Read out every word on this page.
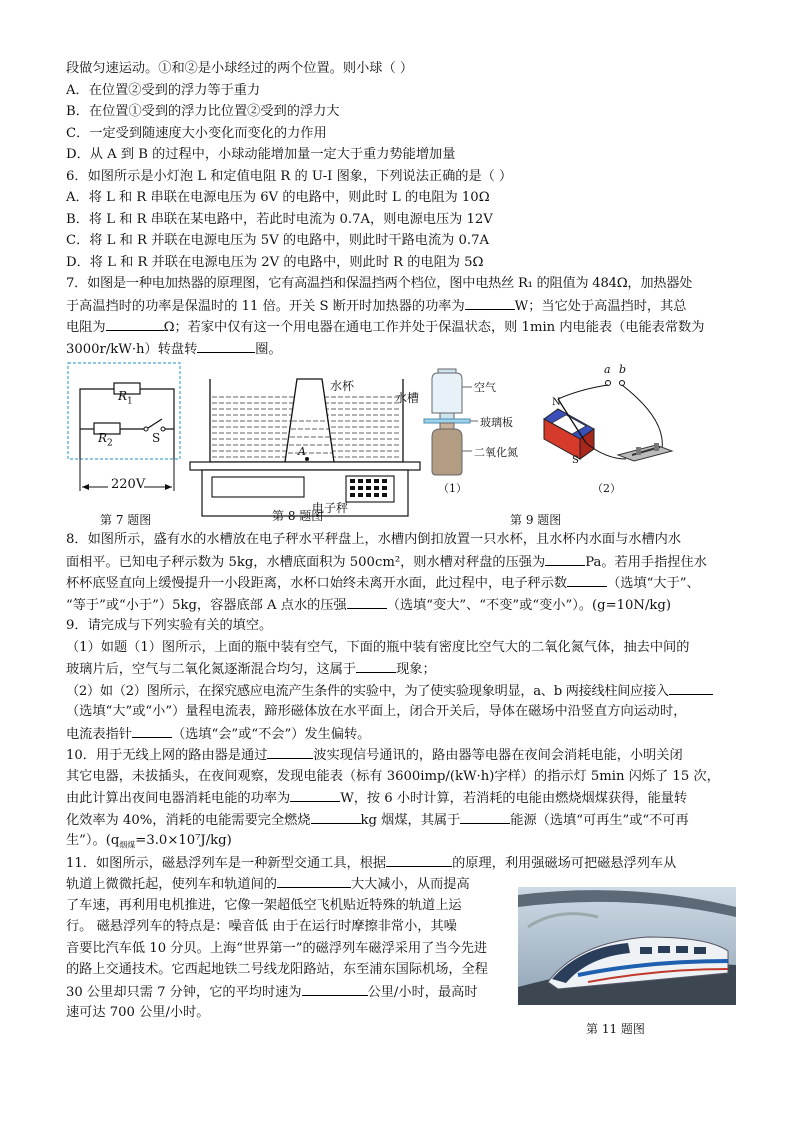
段做匀速运动。①和②是小球经过的两个位置。则小球（ ）
A．在位置②受到的浮力等于重力
B．在位置①受到的浮力比位置②受到的浮力大
C．一定受到随速度大小变化而变化的力作用
D．从 A 到 B 的过程中，小球动能增加量一定大于重力势能增加量
6．如图所示是小灯泡 L 和定值电阻 R 的 U-I 图象，下列说法正确的是（ ）
A．将 L 和 R 串联在电源电压为 6V 的电路中，则此时 L 的电阻为 10Ω
B．将 L 和 R 串联在某电路中，若此时电流为 0.7A，则电源电压为 12V
C．将 L 和 R 并联在电源电压为 5V 的电路中，则此时干路电流为 0.7A
D．将 L 和 R 并联在电源电压为 2V 的电路中，则此时 R 的电阻为 5Ω
7．如图是一种电加热器的原理图，它有高温挡和保温挡两个档位，图中电热丝 R₁ 的阻值为 484Ω，加热器处
于高温挡时的功率是保温时的 11 倍。开关 S 断开时加热器的功率为	W；当它处于高温挡时，其总
电阻为	Ω；若家中仅有这一个用电器在通电工作并处于保温状态，则 1min 内电能表（电能表常数为
3000r/kW·h）转盘转	圈。
$R_1$
$R_2$	S
220V
第 7 题图
水杯
水槽
A
电子秤
第 8 题图
空气
玻璃板
二氧化氮
（1）
N
S
a b
（2）
第 9 题图
8．如图所示，盛有水的水槽放在电子秤水平秤盘上，水槽内倒扣放置一只水杯，且水杯内水面与水槽内水
面相平。已知电子秤示数为 5kg，水槽底面积为 500cm²，则水槽对秤盘的压强为	Pa。若用手指捏住水
杯杯底竖直向上缓慢提升一小段距离，水杯口始终未离开水面，此过程中，电子秤示数	（选填“大于”、
“等于”或“小于”）5kg，容器底部 A 点水的压强	（选填“变大”、“不变”或“变小”）。(g=10N/kg)
9．请完成与下列实验有关的填空。
（1）如题（1）图所示，上面的瓶中装有空气，下面的瓶中装有密度比空气大的二氧化氮气体，抽去中间的
玻璃片后，空气与二氧化氮逐渐混合均匀，这属于	现象；
（2）如（2）图所示，在探究感应电流产生条件的实验中，为了使实验现象明显，a、b 两接线柱间应接入
（选填“大”或“小”）量程电流表，蹄形磁体放在水平面上，闭合开关后，导体在磁场中沿竖直方向运动时，
电流表指针	（选填“会”或“不会”）发生偏转。
10．用于无线上网的路由器是通过	波实现信号通讯的，路由器等电器在夜间会消耗电能，小明关闭
其它电器，未拔插头，在夜间观察，发现电能表（标有 3600imp/(kW·h)字样）的指示灯 5min 闪烁了 15 次，
由此计算出夜间电器消耗电能的功率为	W，按 6 小时计算，若消耗的电能由燃烧烟煤获得，能量转
化效率为 40%，消耗的电能需要完全燃烧	kg 烟煤，其属于	能源（选填“可再生”或“不可再
生”）。$(q_{烟煤}=3.0\times 10^7J/kg)$
11．如图所示，磁悬浮列车是一种新型交通工具，根据	的原理，利用强磁场可把磁悬浮列车从
轨道上微微托起，使列车和轨道间的	大大减小，从而提高
了车速，再利用电机推进，它像一架超低空飞机贴近特殊的轨道上运
行。 磁悬浮列车的特点是：噪音低 由于在运行时摩擦非常小，其噪
音要比汽车低 10 分贝。上海“世界第一”的磁浮列车磁浮采用了当今先进
的路上交通技术。它西起地铁二号线龙阳路站，东至浦东国际机场，全程
30 公里却只需 7 分钟，它的平均时速为	公里/小时，最高时
速可达 700 公里/小时。
第 11 题图
